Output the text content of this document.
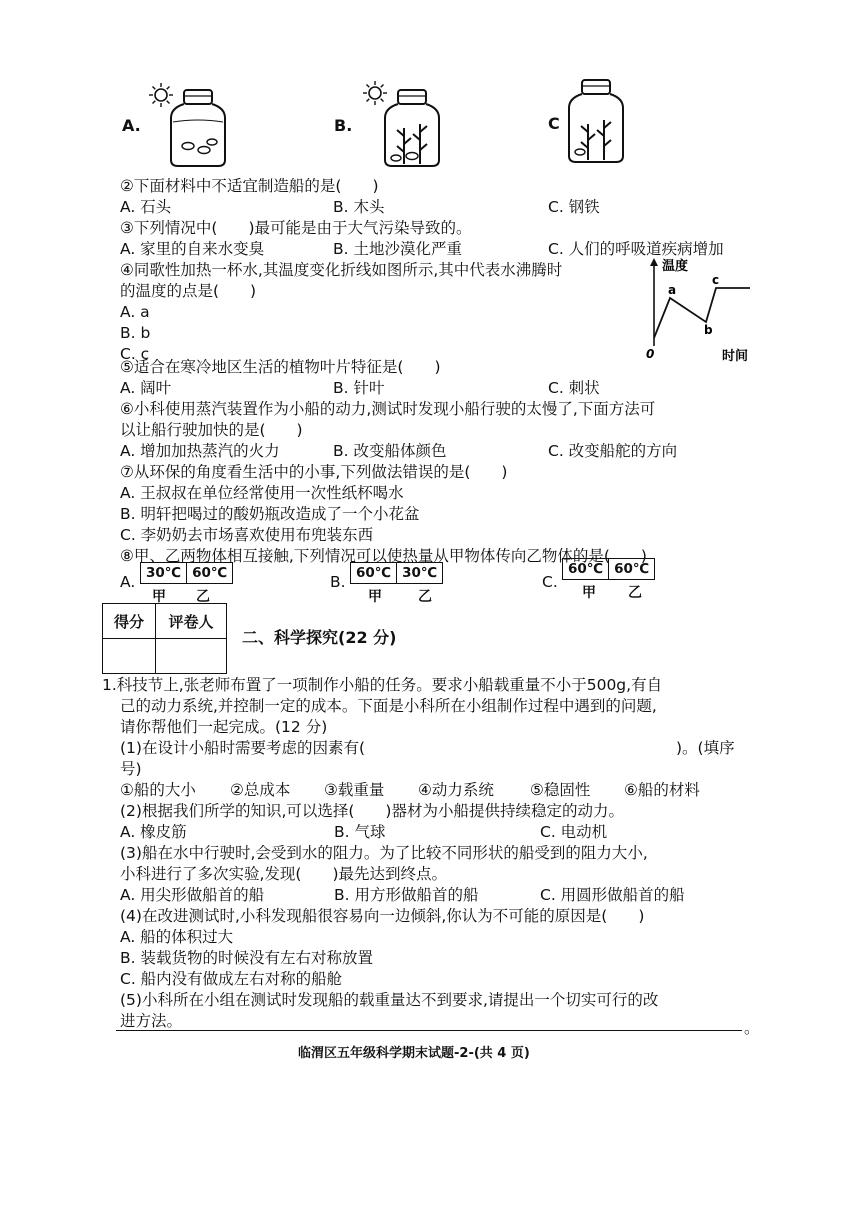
A.	B.	C
②下面材料中不适宜制造船的是(　　)
A. 石头	B. 木头	C. 钢铁
③下列情况中(　　)最可能是由于大气污染导致的。
A. 家里的自来水变臭	B. 土地沙漠化严重	C. 人们的呼吸道疾病增加
④同歌性加热一杯水,其温度变化折线如图所示,其中代表水沸腾时
的温度的点是(　　)
A. a
B. b
C. c
温度
a
b
c
0	时间
⑤适合在寒冷地区生活的植物叶片特征是(　　)
A. 阔叶	B. 针叶	C. 刺状
⑥小科使用蒸汽装置作为小船的动力,测试时发现小船行驶的太慢了,下面方法可
以让船行驶加快的是(　　)
A. 增加加热蒸汽的火力	B. 改变船体颜色	C. 改变船舵的方向
⑦从环保的角度看生活中的小事,下列做法错误的是(　　)
A. 王叔叔在单位经常使用一次性纸杯喝水
B. 明轩把喝过的酸奶瓶改造成了一个小花盆
C. 李奶奶去市场喜欢使用布兜装东西
⑧甲、乙两物体相互接触,下列情况可以使热量从甲物体传向乙物体的是(　　)
A. 30℃ 60℃
甲 乙
B. 60℃ 30℃
甲	乙
C.
60℃ 60℃
甲 乙
得分	评卷人

二、科学探究(22 分)
1.科技节上,张老师布置了一项制作小船的任务。要求小船载重量不小于500g,有自
己的动力系统,并控制一定的成本。下面是小科所在小组制作过程中遇到的问题,
请你帮他们一起完成。(12 分)
(1)在设计小船时需要考虑的因素有(	)。(填序
号)
①船的大小 ②总成本 ③载重量 ④动力系统 ⑤稳固性 ⑥船的材料
(2)根据我们所学的知识,可以选择(　　)器材为小船提供持续稳定的动力。
A. 橡皮筋	B. 气球	C. 电动机
(3)船在水中行驶时,会受到水的阻力。为了比较不同形状的船受到的阻力大小,
小科进行了多次实验,发现(　　)最先达到终点。
A. 用尖形做船首的船	B. 用方形做船首的船	C. 用圆形做船首的船
(4)在改进测试时,小科发现船很容易向一边倾斜,你认为不可能的原因是(　　)
A. 船的体积过大
B. 装载货物的时候没有左右对称放置
C. 船内没有做成左右对称的船舱
(5)小科所在小组在测试时发现船的载重量达不到要求,请提出一个切实可行的改
进方法。	。
临渭区五年级科学期末试题-2-(共 4 页)
